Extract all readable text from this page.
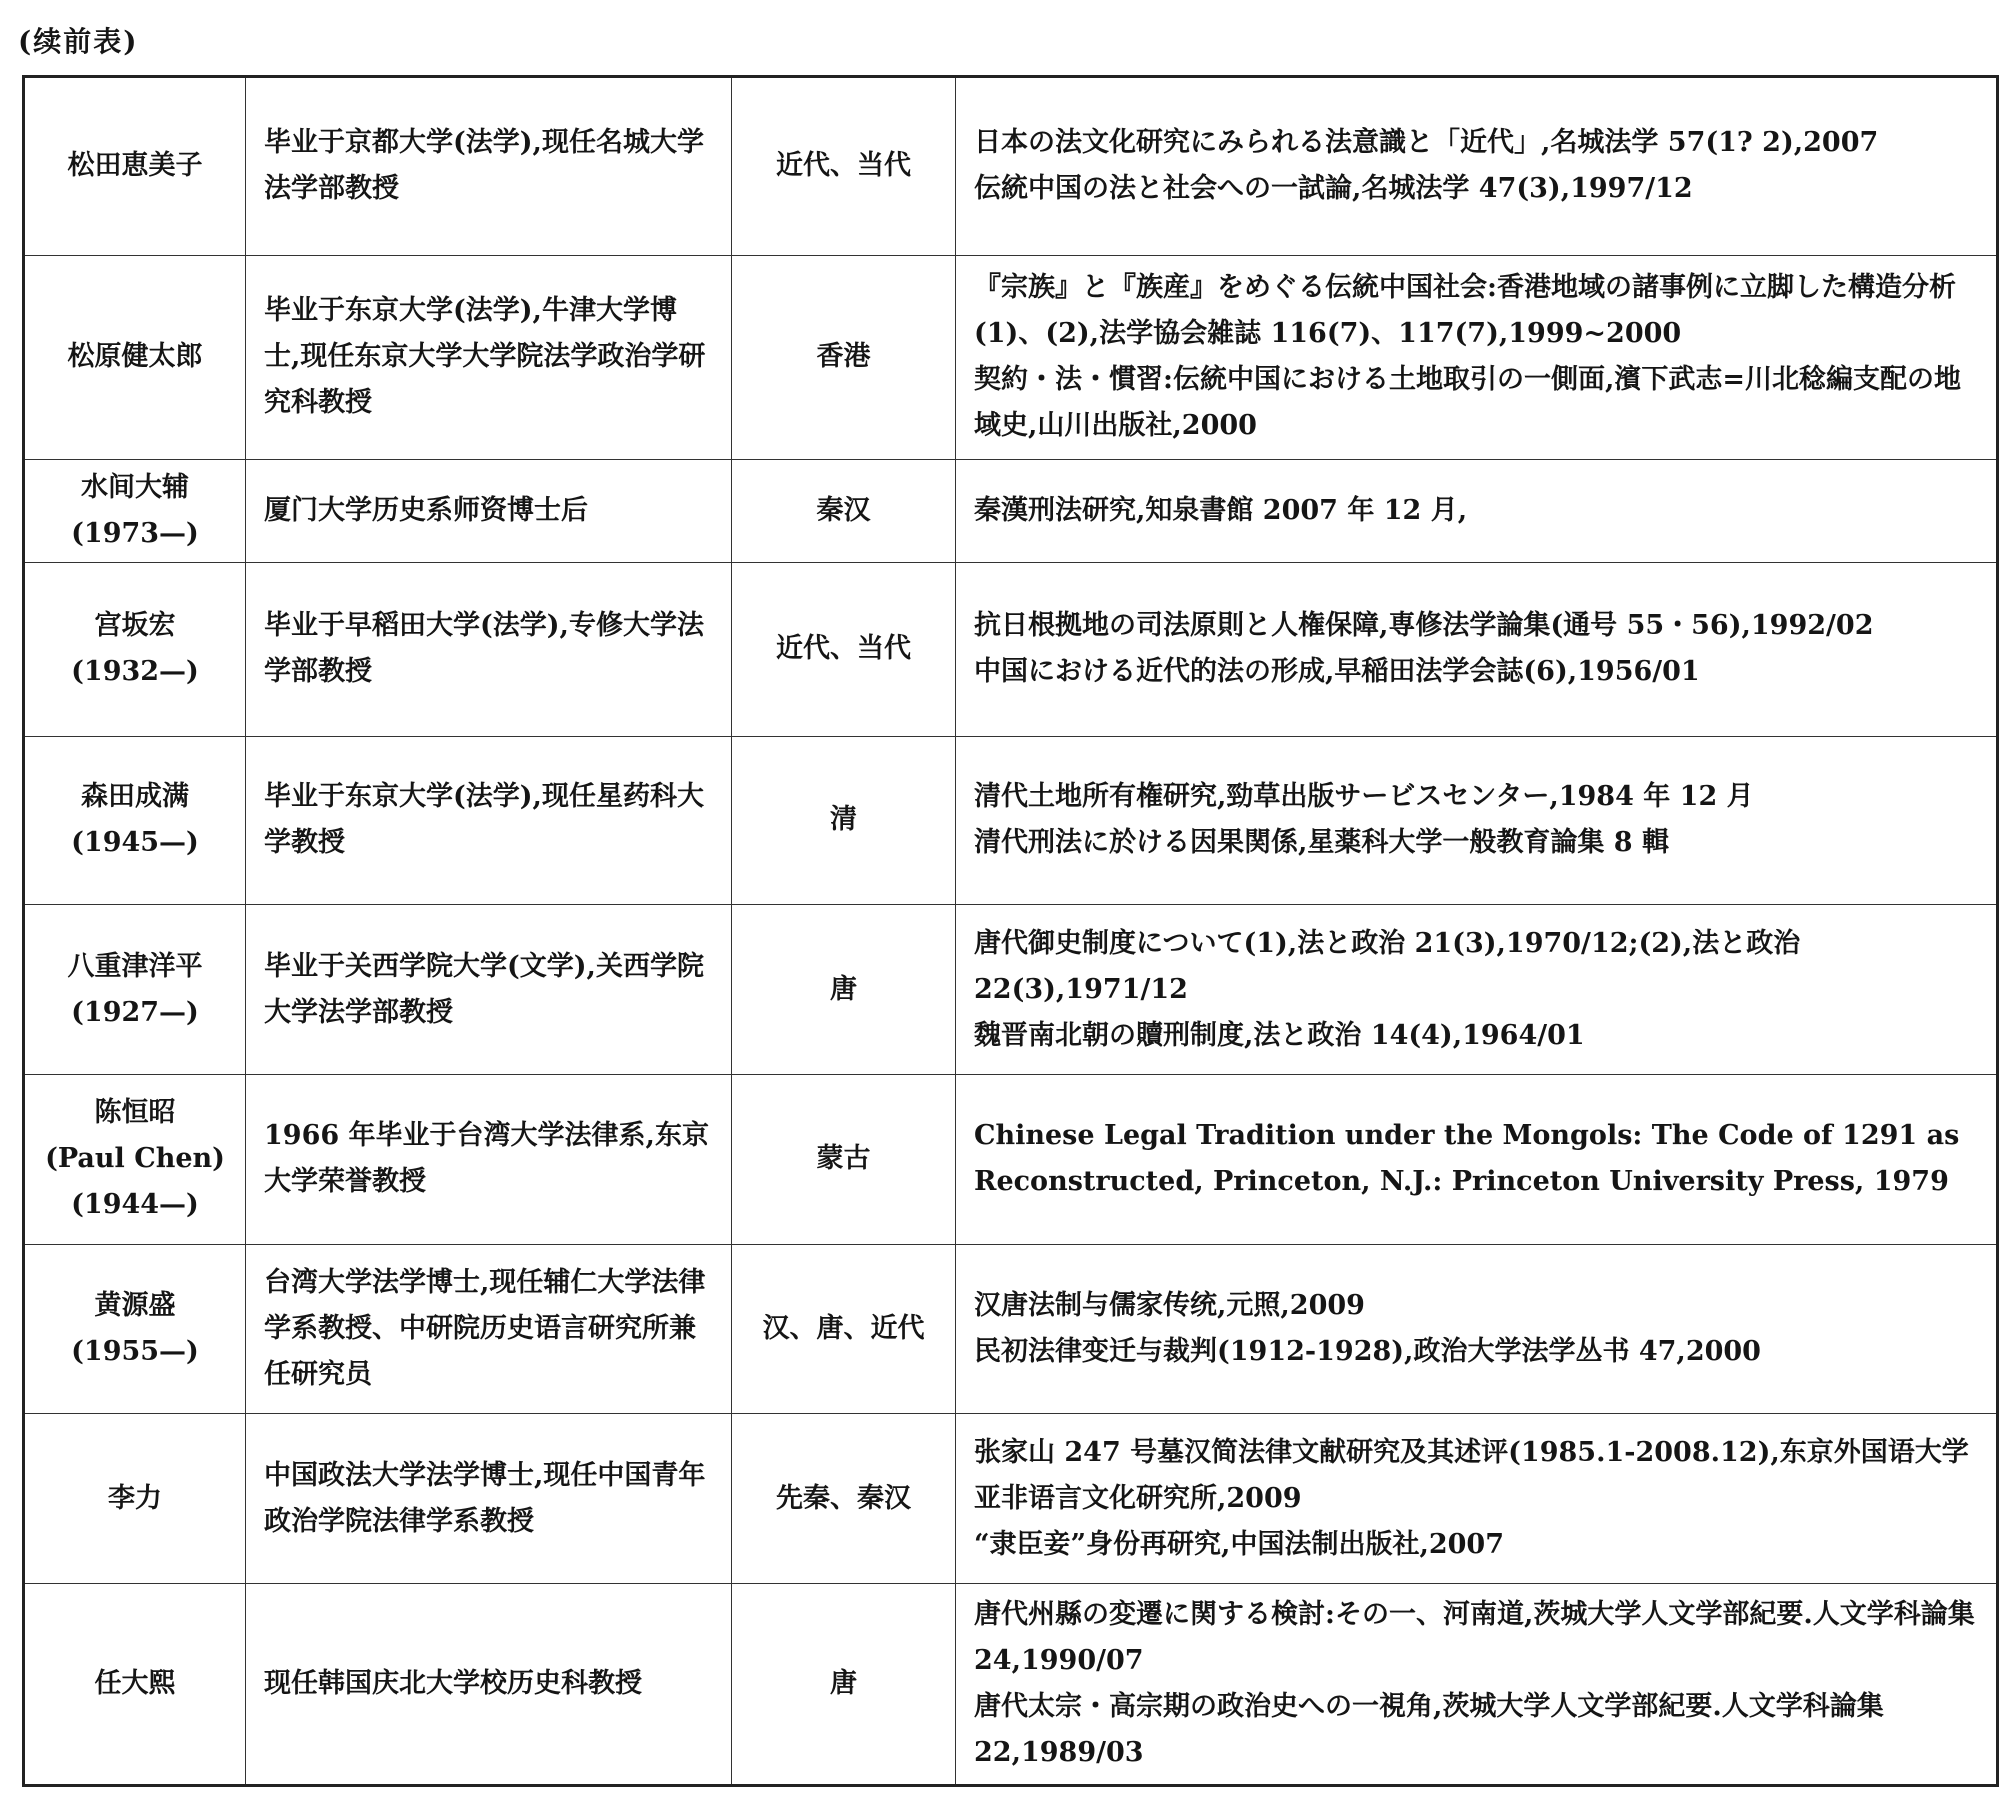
(续前表)
松田恵美子	毕业于京都大学(法学),现任名城大学法学部教授	近代、当代	日本の法文化研究にみられる法意識と「近代」,名城法学 57(1? 2),2007
伝統中国の法と社会への一試論,名城法学 47(3),1997/12

松原健太郎	毕业于东京大学(法学),牛津大学博士,现任东京大学大学院法学政治学研究科教授	香港	『宗族』と『族産』をめぐる伝統中国社会:香港地域の諸事例に立脚した構造分析(1)、(2),法学協会雑誌 116(7)、117(7),1999~2000
契約・法・慣習:伝統中国における土地取引の一側面,濱下武志=川北稔編支配の地域史,山川出版社,2000

水间大辅
(1973—)	厦门大学历史系师资博士后	秦汉	秦漢刑法研究,知泉書館 2007 年 12 月,

宫坂宏
(1932—)	毕业于早稻田大学(法学),专修大学法学部教授	近代、当代	抗日根拠地の司法原則と人権保障,専修法学論集(通号 55・56),1992/02
中国における近代的法の形成,早稲田法学会誌(6),1956/01

森田成满
(1945—)	毕业于东京大学(法学),现任星药科大学教授	清	清代土地所有権研究,勁草出版サービスセンター,1984 年 12 月
清代刑法に於ける因果関係,星薬科大学一般教育論集 8 輯

八重津洋平
(1927—)	毕业于关西学院大学(文学),关西学院大学法学部教授	唐	唐代御史制度について(1),法と政治 21(3),1970/12;(2),法と政治 22(3),1971/12
魏晋南北朝の贖刑制度,法と政治 14(4),1964/01

陈恒昭
(Paul Chen)
(1944—)	1966 年毕业于台湾大学法律系,东京大学荣誉教授	蒙古	Chinese Legal Tradition under the Mongols: The Code of 1291 as Reconstructed, Princeton, N.J.: Princeton University Press, 1979

黄源盛
(1955—)	台湾大学法学博士,现任辅仁大学法律学系教授、中研院历史语言研究所兼任研究员	汉、唐、近代	汉唐法制与儒家传统,元照,2009
民初法律变迁与裁判(1912-1928),政治大学法学丛书 47,2000

李力	中国政法大学法学博士,现任中国青年政治学院法律学系教授	先秦、秦汉	张家山 247 号墓汉简法律文献研究及其述评(1985.1-2008.12),东京外国语大学亚非语言文化研究所,2009
“隶臣妾”身份再研究,中国法制出版社,2007

任大熙	现任韩国庆北大学校历史科教授	唐	唐代州縣の変遷に関する検討:その一、河南道,茨城大学人文学部紀要.人文学科論集 24,1990/07
唐代太宗・高宗期の政治史への一視角,茨城大学人文学部紀要.人文学科論集 22,1989/03
